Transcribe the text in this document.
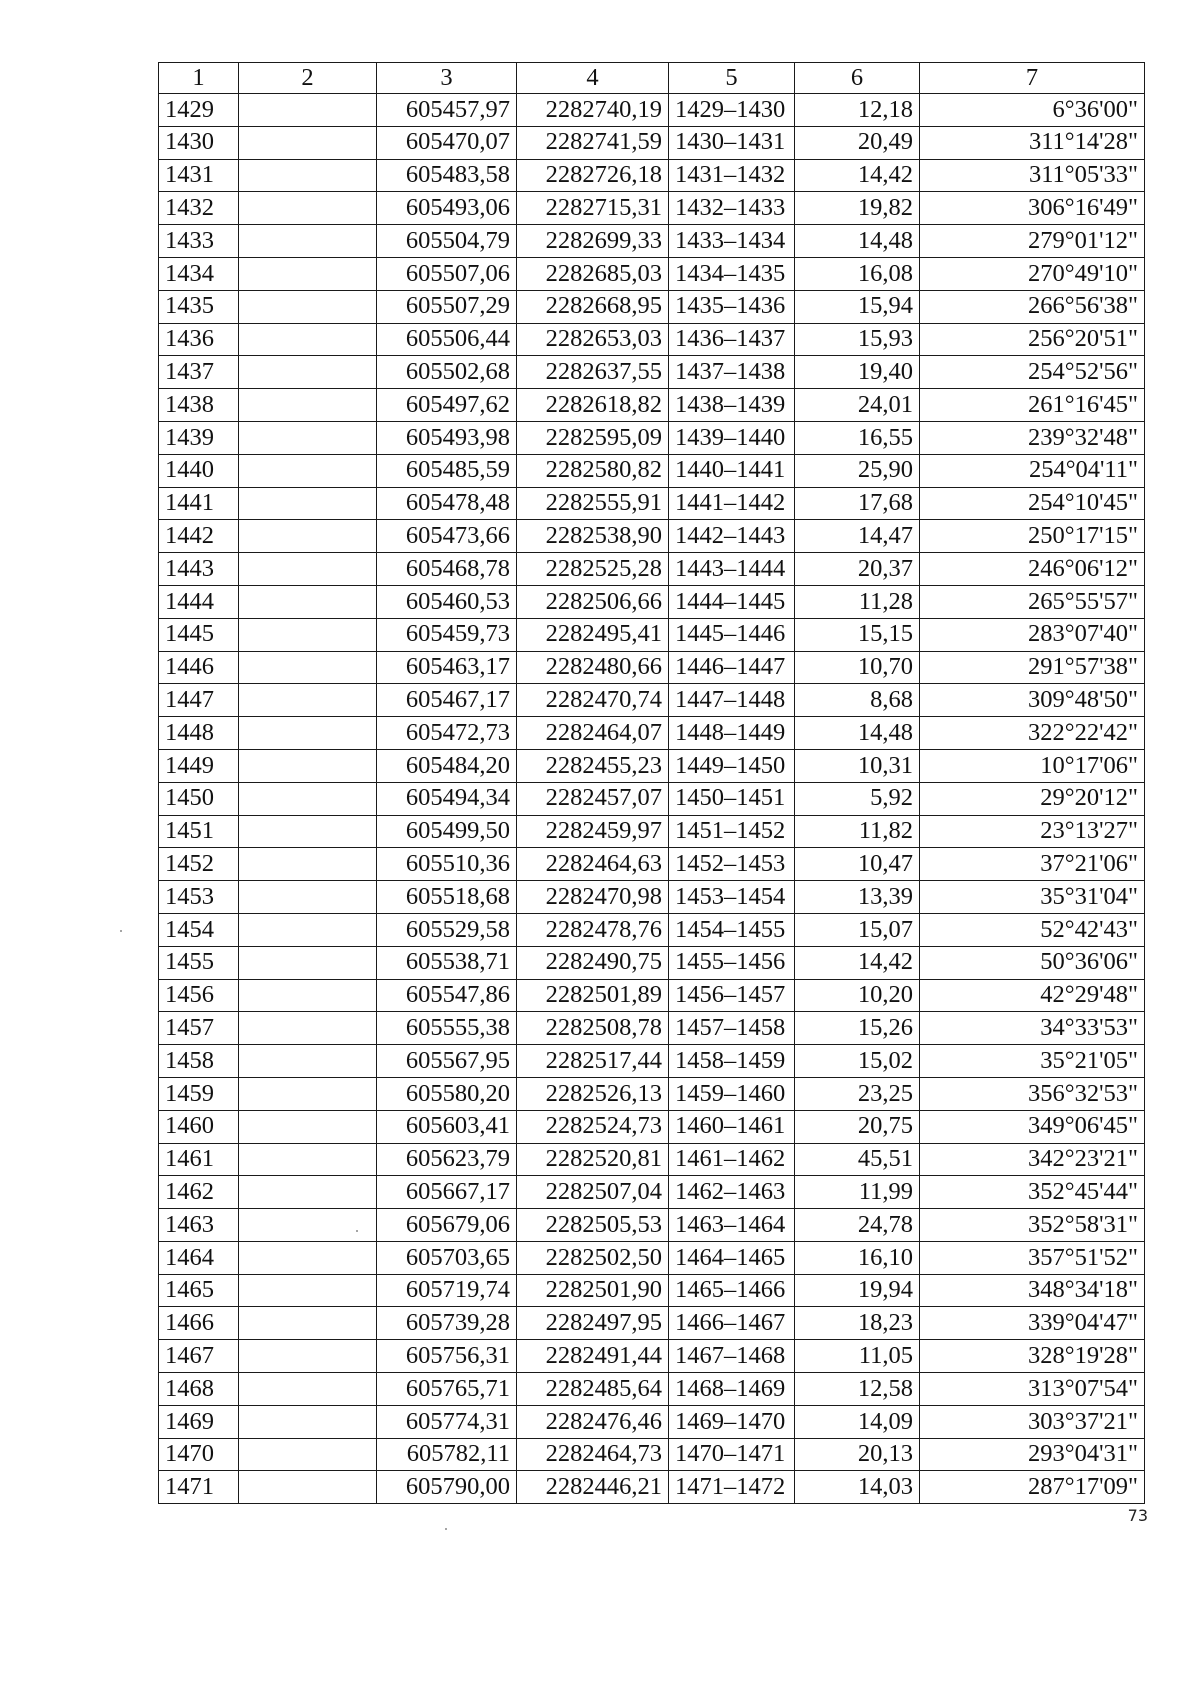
1	2	3	4	5	6	7
1429		605457,97	2282740,19	1429–1430	12,18	6°36'00"
1430		605470,07	2282741,59	1430–1431	20,49	311°14'28"
1431		605483,58	2282726,18	1431–1432	14,42	311°05'33"
1432		605493,06	2282715,31	1432–1433	19,82	306°16'49"
1433		605504,79	2282699,33	1433–1434	14,48	279°01'12"
1434		605507,06	2282685,03	1434–1435	16,08	270°49'10"
1435		605507,29	2282668,95	1435–1436	15,94	266°56'38"
1436		605506,44	2282653,03	1436–1437	15,93	256°20'51"
1437		605502,68	2282637,55	1437–1438	19,40	254°52'56"
1438		605497,62	2282618,82	1438–1439	24,01	261°16'45"
1439		605493,98	2282595,09	1439–1440	16,55	239°32'48"
1440		605485,59	2282580,82	1440–1441	25,90	254°04'11"
1441		605478,48	2282555,91	1441–1442	17,68	254°10'45"
1442		605473,66	2282538,90	1442–1443	14,47	250°17'15"
1443		605468,78	2282525,28	1443–1444	20,37	246°06'12"
1444		605460,53	2282506,66	1444–1445	11,28	265°55'57"
1445		605459,73	2282495,41	1445–1446	15,15	283°07'40"
1446		605463,17	2282480,66	1446–1447	10,70	291°57'38"
1447		605467,17	2282470,74	1447–1448	8,68	309°48'50"
1448		605472,73	2282464,07	1448–1449	14,48	322°22'42"
1449		605484,20	2282455,23	1449–1450	10,31	10°17'06"
1450		605494,34	2282457,07	1450–1451	5,92	29°20'12"
1451		605499,50	2282459,97	1451–1452	11,82	23°13'27"
1452		605510,36	2282464,63	1452–1453	10,47	37°21'06"
1453		605518,68	2282470,98	1453–1454	13,39	35°31'04"
1454		605529,58	2282478,76	1454–1455	15,07	52°42'43"
1455		605538,71	2282490,75	1455–1456	14,42	50°36'06"
1456		605547,86	2282501,89	1456–1457	10,20	42°29'48"
1457		605555,38	2282508,78	1457–1458	15,26	34°33'53"
1458		605567,95	2282517,44	1458–1459	15,02	35°21'05"
1459		605580,20	2282526,13	1459–1460	23,25	356°32'53"
1460		605603,41	2282524,73	1460–1461	20,75	349°06'45"
1461		605623,79	2282520,81	1461–1462	45,51	342°23'21"
1462		605667,17	2282507,04	1462–1463	11,99	352°45'44"
1463		605679,06	2282505,53	1463–1464	24,78	352°58'31"
1464		605703,65	2282502,50	1464–1465	16,10	357°51'52"
1465		605719,74	2282501,90	1465–1466	19,94	348°34'18"
1466		605739,28	2282497,95	1466–1467	18,23	339°04'47"
1467		605756,31	2282491,44	1467–1468	11,05	328°19'28"
1468		605765,71	2282485,64	1468–1469	12,58	313°07'54"
1469		605774,31	2282476,46	1469–1470	14,09	303°37'21"
1470		605782,11	2282464,73	1470–1471	20,13	293°04'31"
1471		605790,00	2282446,21	1471–1472	14,03	287°17'09"
73
